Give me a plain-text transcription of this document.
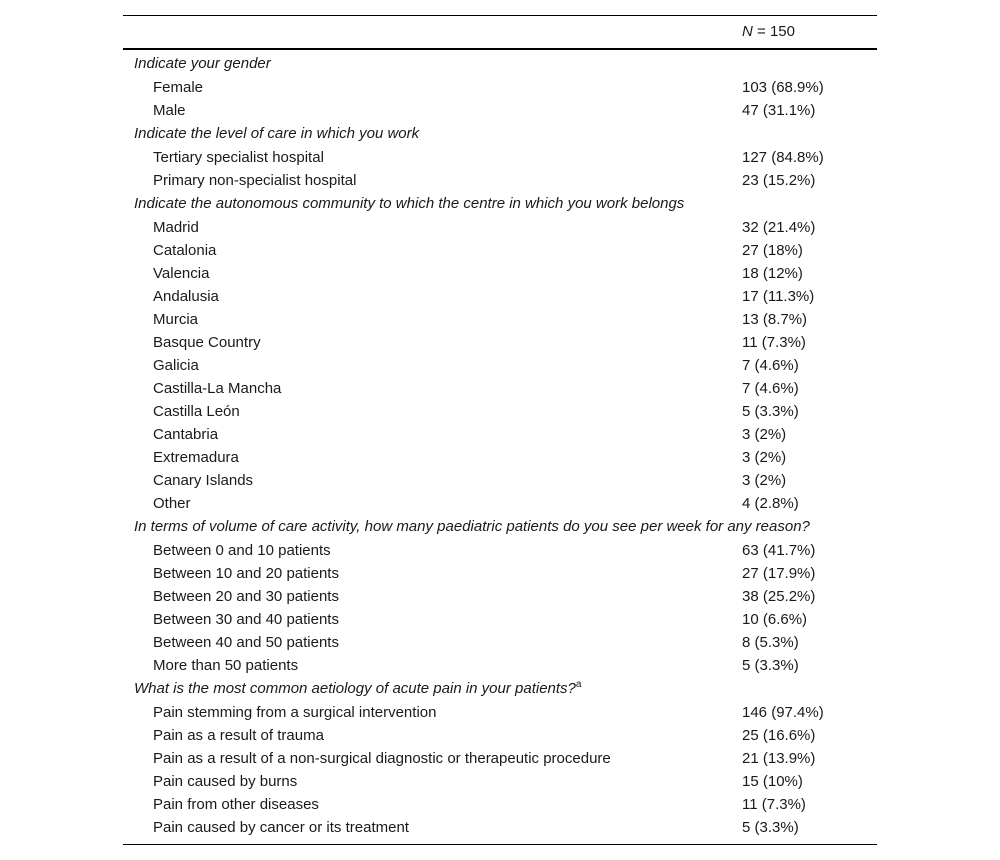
N = 150
Indicate your gender
Female	103 (68.9%)
Male	47 (31.1%)
Indicate the level of care in which you work
Tertiary specialist hospital	127 (84.8%)
Primary non-specialist hospital	23 (15.2%)
Indicate the autonomous community to which the centre in which you work belongs
Madrid	32 (21.4%)
Catalonia	27 (18%)
Valencia	18 (12%)
Andalusia	17 (11.3%)
Murcia	13 (8.7%)
Basque Country	11 (7.3%)
Galicia	7 (4.6%)
Castilla-La Mancha	7 (4.6%)
Castilla León	5 (3.3%)
Cantabria	3 (2%)
Extremadura	3 (2%)
Canary Islands	3 (2%)
Other	4 (2.8%)
In terms of volume of care activity, how many paediatric patients do you see per week for any reason?
Between 0 and 10 patients	63 (41.7%)
Between 10 and 20 patients	27 (17.9%)
Between 20 and 30 patients	38 (25.2%)
Between 30 and 40 patients	10 (6.6%)
Between 40 and 50 patients	8 (5.3%)
More than 50 patients	5 (3.3%)
What is the most common aetiology of acute pain in your patients?$^a$
Pain stemming from a surgical intervention	146 (97.4%)
Pain as a result of trauma	25 (16.6%)
Pain as a result of a non-surgical diagnostic or therapeutic procedure	21 (13.9%)
Pain caused by burns	15 (10%)
Pain from other diseases	11 (7.3%)
Pain caused by cancer or its treatment	5 (3.3%)
